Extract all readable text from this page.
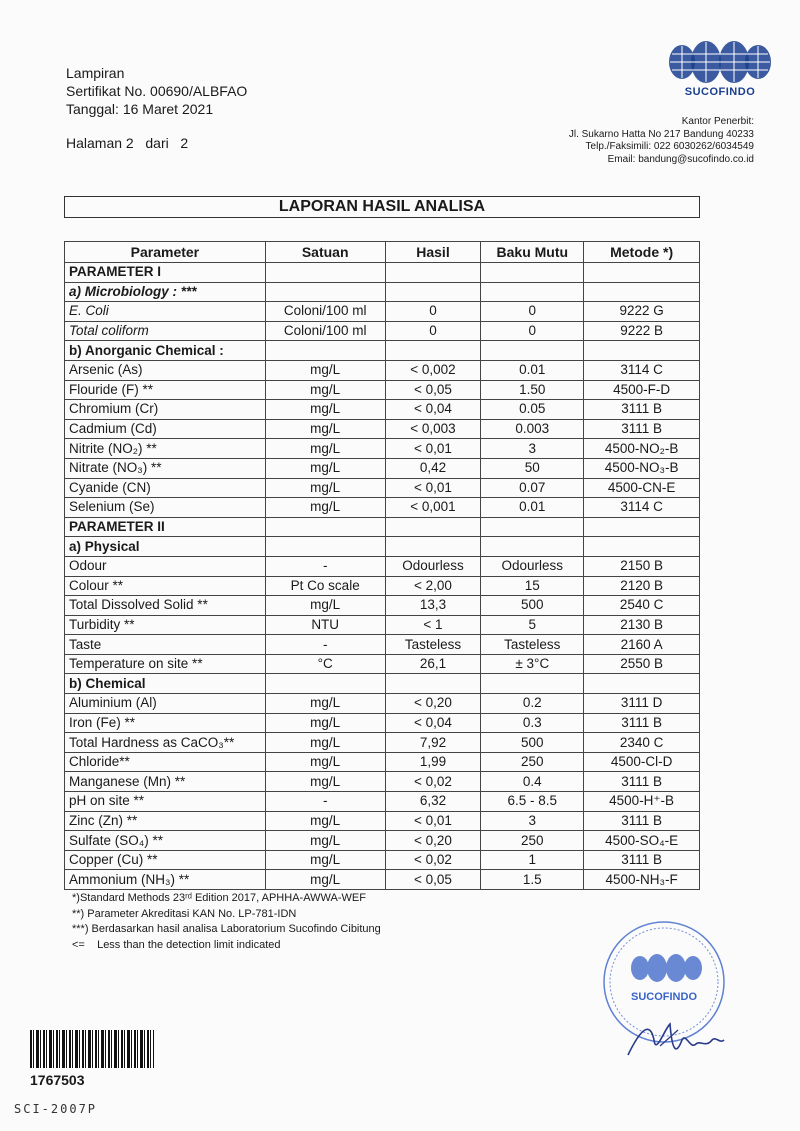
Lampiran
Sertifikat No. 00690/ALBFAO
Tanggal: 16 Maret 2021
Halaman 2   dari   2
SUCOFINDO
Kantor Penerbit:
Jl. Sukarno Hatta No 217 Bandung 40233
Telp./Faksimili: 022 6030262/6034549
Email: bandung@sucofindo.co.id
LAPORAN HASIL ANALISA
Parameter	Satuan	Hasil	Baku Mutu	Metode *)
PARAMETER I				
a) Microbiology : ***				
E. Coli	Coloni/100 ml	0	0	9222 G
Total coliform	Coloni/100 ml	0	0	9222 B
b) Anorganic Chemical :				
Arsenic (As)	mg/L	< 0,002	0.01	3114 C
Flouride (F) **	mg/L	< 0,05	1.50	4500-F-D
Chromium (Cr)	mg/L	< 0,04	0.05	3111 B
Cadmium (Cd)	mg/L	< 0,003	0.003	3111 B
Nitrite (NO₂) **	mg/L	< 0,01	3	4500-NO₂-B
Nitrate (NO₃) **	mg/L	0,42	50	4500-NO₃-B
Cyanide (CN)	mg/L	< 0,01	0.07	4500-CN-E
Selenium (Se)	mg/L	< 0,001	0.01	3114 C
PARAMETER II				
a) Physical				
Odour	-	Odourless	Odourless	2150 B
Colour **	Pt Co scale	< 2,00	15	2120 B
Total Dissolved Solid **	mg/L	13,3	500	2540 C
Turbidity **	NTU	< 1	5	2130 B
Taste	-	Tasteless	Tasteless	2160 A
Temperature on site **	°C	26,1	± 3°C	2550 B
b) Chemical				
Aluminium (Al)	mg/L	< 0,20	0.2	3111 D
Iron (Fe) **	mg/L	< 0,04	0.3	3111 B
Total Hardness as CaCO₃**	mg/L	7,92	500	2340 C
Chloride**	mg/L	1,99	250	4500-Cl-D
Manganese (Mn) **	mg/L	< 0,02	0.4	3111 B
pH on site **	-	6,32	6.5 - 8.5	4500-H⁺-B
Zinc (Zn) **	mg/L	< 0,01	3	3111 B
Sulfate (SO₄) **	mg/L	< 0,20	250	4500-SO₄-E
Copper (Cu) **	mg/L	< 0,02	1	3111 B
Ammonium (NH₃) **	mg/L	< 0,05	1.5	4500-NH₃-F
*)Standard Methods 23ʳᵈ Edition 2017, APHHA-AWWA-WEF
**) Parameter Akreditasi KAN No. LP-781-IDN
***) Berdasarkan hasil analisa Laboratorium Sucofindo Cibitung
<=    Less than the detection limit indicated
SUCOFINDO
1767503
SCI-2007P
